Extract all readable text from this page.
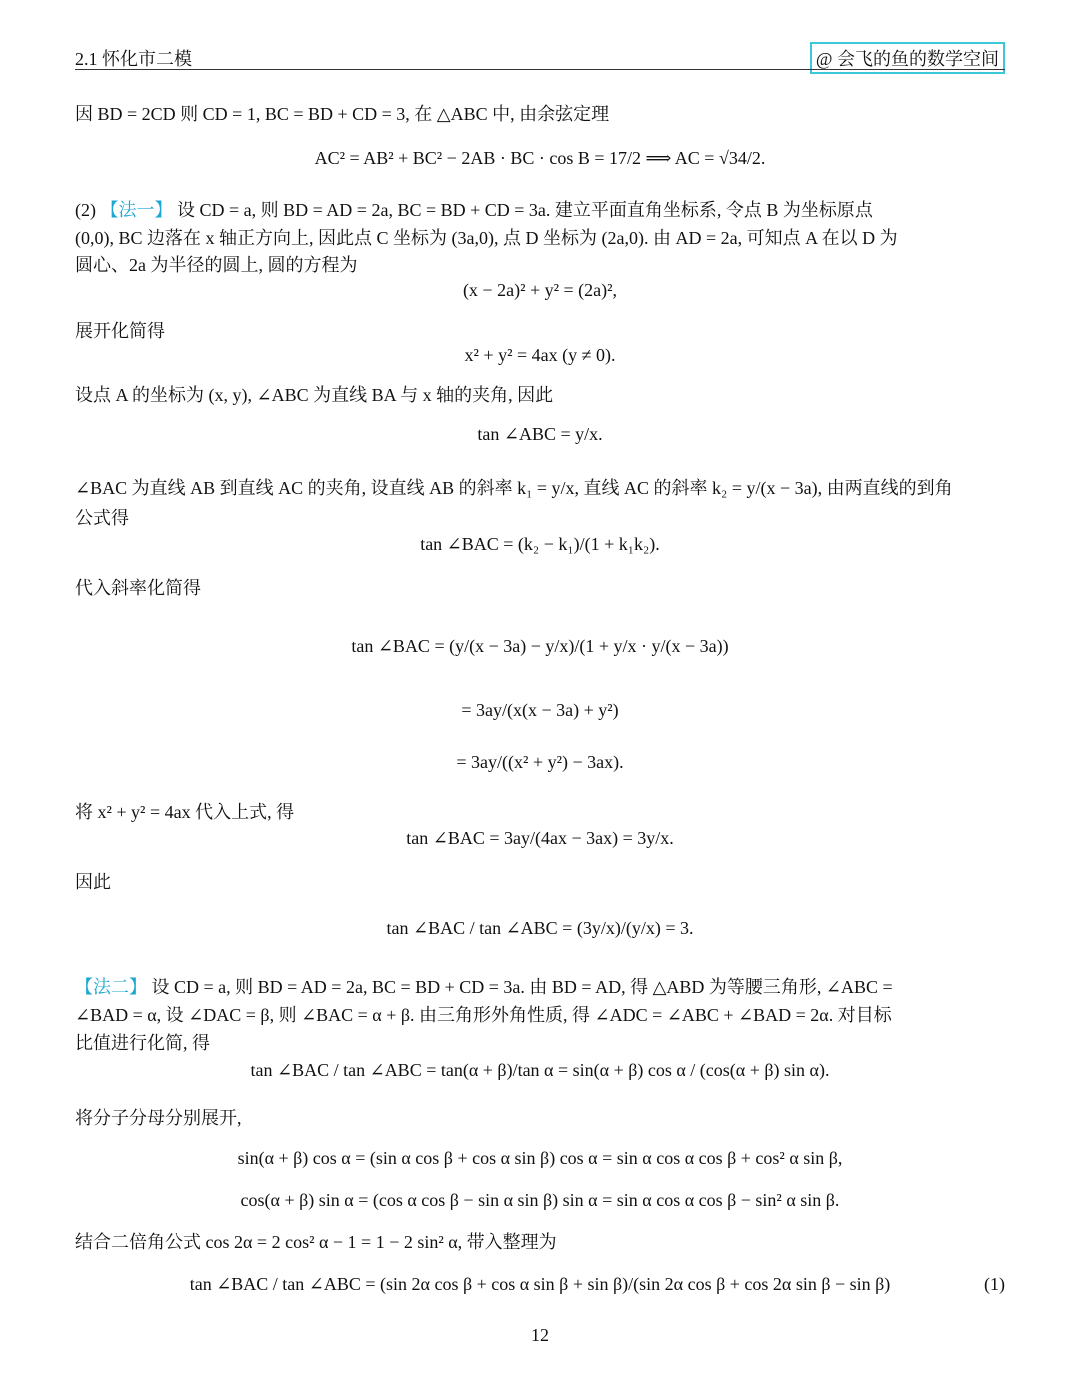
2.1 怀化市二模	@ 会飞的鱼的数学空间
因 BD = 2CD 则 CD = 1, BC = BD + CD = 3, 在 △ABC 中, 由余弦定理
AC² = AB² + BC² − 2AB · BC · cos B = 17/2 ⟹ AC = √34/2.
(2) 【法一】 设 CD = a, 则 BD = AD = 2a, BC = BD + CD = 3a. 建立平面直角坐标系, 令点 B 为坐标原点
(0,0), BC 边落在 x 轴正方向上, 因此点 C 坐标为 (3a,0), 点 D 坐标为 (2a,0). 由 AD = 2a, 可知点 A 在以 D 为
圆心、2a 为半径的圆上, 圆的方程为
(x − 2a)² + y² = (2a)²,
展开化简得
x² + y² = 4ax (y ≠ 0).
设点 A 的坐标为 (x, y), ∠ABC 为直线 BA 与 x 轴的夹角, 因此
tan ∠ABC = y/x.
∠BAC 为直线 AB 到直线 AC 的夹角, 设直线 AB 的斜率 k₁ = y/x, 直线 AC 的斜率 k₂ = y/(x − 3a), 由两直线的到角
公式得
tan ∠BAC = (k₂ − k₁)/(1 + k₁k₂).
代入斜率化简得
tan ∠BAC = (y/(x − 3a) − y/x)/(1 + y/x · y/(x − 3a))
= 3ay/(x(x − 3a) + y²)
= 3ay/((x² + y²) − 3ax).
将 x² + y² = 4ax 代入上式, 得
tan ∠BAC = 3ay/(4ax − 3ax) = 3y/x.
因此
tan ∠BAC / tan ∠ABC = (3y/x)/(y/x) = 3.
【法二】 设 CD = a, 则 BD = AD = 2a, BC = BD + CD = 3a. 由 BD = AD, 得 △ABD 为等腰三角形, ∠ABC =
∠BAD = α, 设 ∠DAC = β, 则 ∠BAC = α + β. 由三角形外角性质, 得 ∠ADC = ∠ABC + ∠BAD = 2α. 对目标
比值进行化简, 得
tan ∠BAC / tan ∠ABC = tan(α + β)/tan α = sin(α + β) cos α / (cos(α + β) sin α).
将分子分母分别展开,
sin(α + β) cos α = (sin α cos β + cos α sin β) cos α = sin α cos α cos β + cos² α sin β,
cos(α + β) sin α = (cos α cos β − sin α sin β) sin α = sin α cos α cos β − sin² α sin β.
结合二倍角公式 cos 2α = 2 cos² α − 1 = 1 − 2 sin² α, 带入整理为
tan ∠BAC / tan ∠ABC = (sin 2α cos β + cos α sin β + sin β)/(sin 2α cos β + cos 2α sin β − sin β)	(1)
12
